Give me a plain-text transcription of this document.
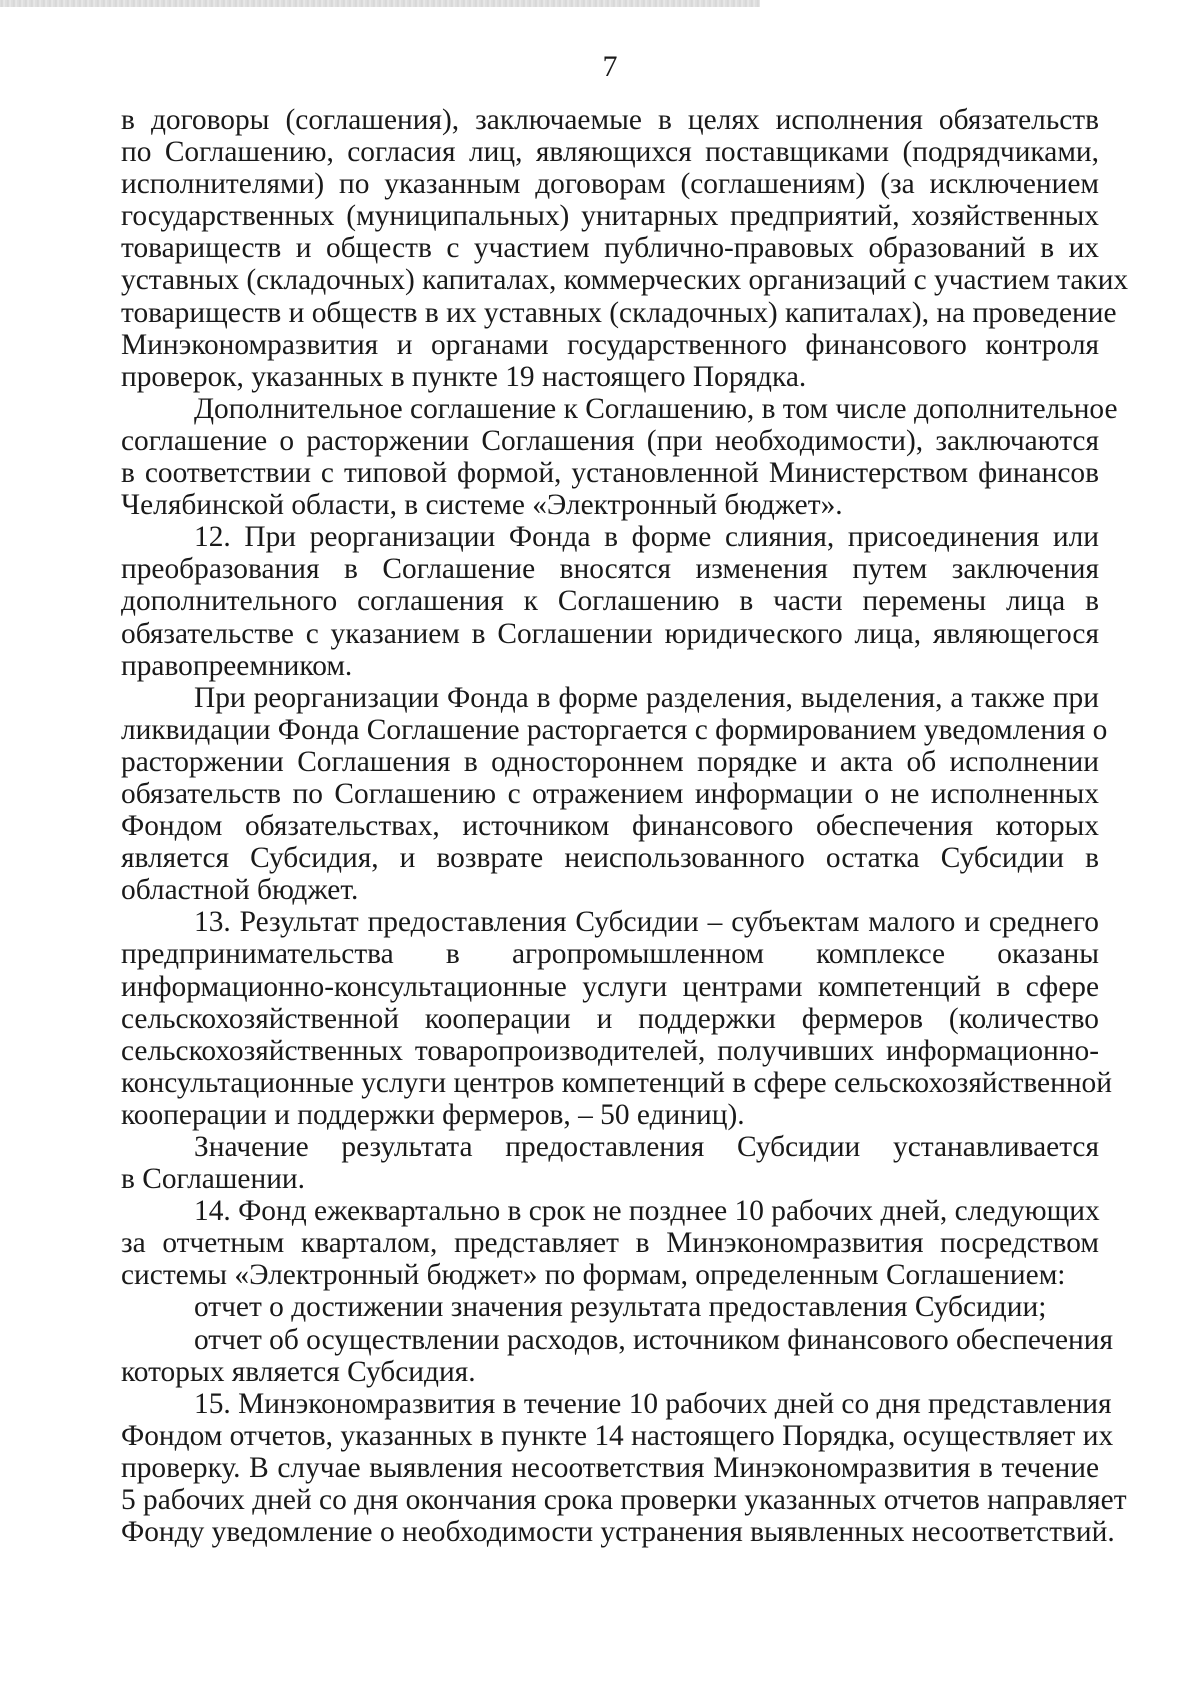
7
в договоры (соглашения), заключаемые в целях исполнения обязательств
по Соглашению, согласия лиц, являющихся поставщиками (подрядчиками,
исполнителями) по указанным договорам (соглашениям) (за исключением
государственных (муниципальных) унитарных предприятий, хозяйственных
товариществ и обществ с участием публично-правовых образований в их
уставных (складочных) капиталах, коммерческих организаций с участием таких
товариществ и обществ в их уставных (складочных) капиталах), на проведение
Минэкономразвития и органами государственного финансового контроля
проверок, указанных в пункте 19 настоящего Порядка.
Дополнительное соглашение к Соглашению, в том числе дополнительное
соглашение о расторжении Соглашения (при необходимости), заключаются
в соответствии с типовой формой, установленной Министерством финансов
Челябинской области, в системе «Электронный бюджет».
12. При реорганизации Фонда в форме слияния, присоединения или
преобразования в Соглашение вносятся изменения путем заключения
дополнительного соглашения к Соглашению в части перемены лица в
обязательстве с указанием в Соглашении юридического лица, являющегося
правопреемником.
При реорганизации Фонда в форме разделения, выделения, а также при
ликвидации Фонда Соглашение расторгается с формированием уведомления о
расторжении Соглашения в одностороннем порядке и акта об исполнении
обязательств по Соглашению с отражением информации о не исполненных
Фондом обязательствах, источником финансового обеспечения которых
является Субсидия, и возврате неиспользованного остатка Субсидии в
областной бюджет.
13. Результат предоставления Субсидии – субъектам малого и среднего
предпринимательства в агропромышленном комплексе оказаны
информационно-консультационные услуги центрами компетенций в сфере
сельскохозяйственной кооперации и поддержки фермеров (количество
сельскохозяйственных товаропроизводителей, получивших информационно-
консультационные услуги центров компетенций в сфере сельскохозяйственной
кооперации и поддержки фермеров, – 50 единиц).
Значение результата предоставления Субсидии устанавливается
в Соглашении.
14. Фонд ежеквартально в срок не позднее 10 рабочих дней, следующих
за отчетным кварталом, представляет в Минэкономразвития посредством
системы «Электронный бюджет» по формам, определенным Соглашением:
отчет о достижении значения результата предоставления Субсидии;
отчет об осуществлении расходов, источником финансового обеспечения
которых является Субсидия.
15. Минэкономразвития в течение 10 рабочих дней со дня представления
Фондом отчетов, указанных в пункте 14 настоящего Порядка, осуществляет их
проверку. В случае выявления несоответствия Минэкономразвития в течение
5 рабочих дней со дня окончания срока проверки указанных отчетов направляет
Фонду уведомление о необходимости устранения выявленных несоответствий.
